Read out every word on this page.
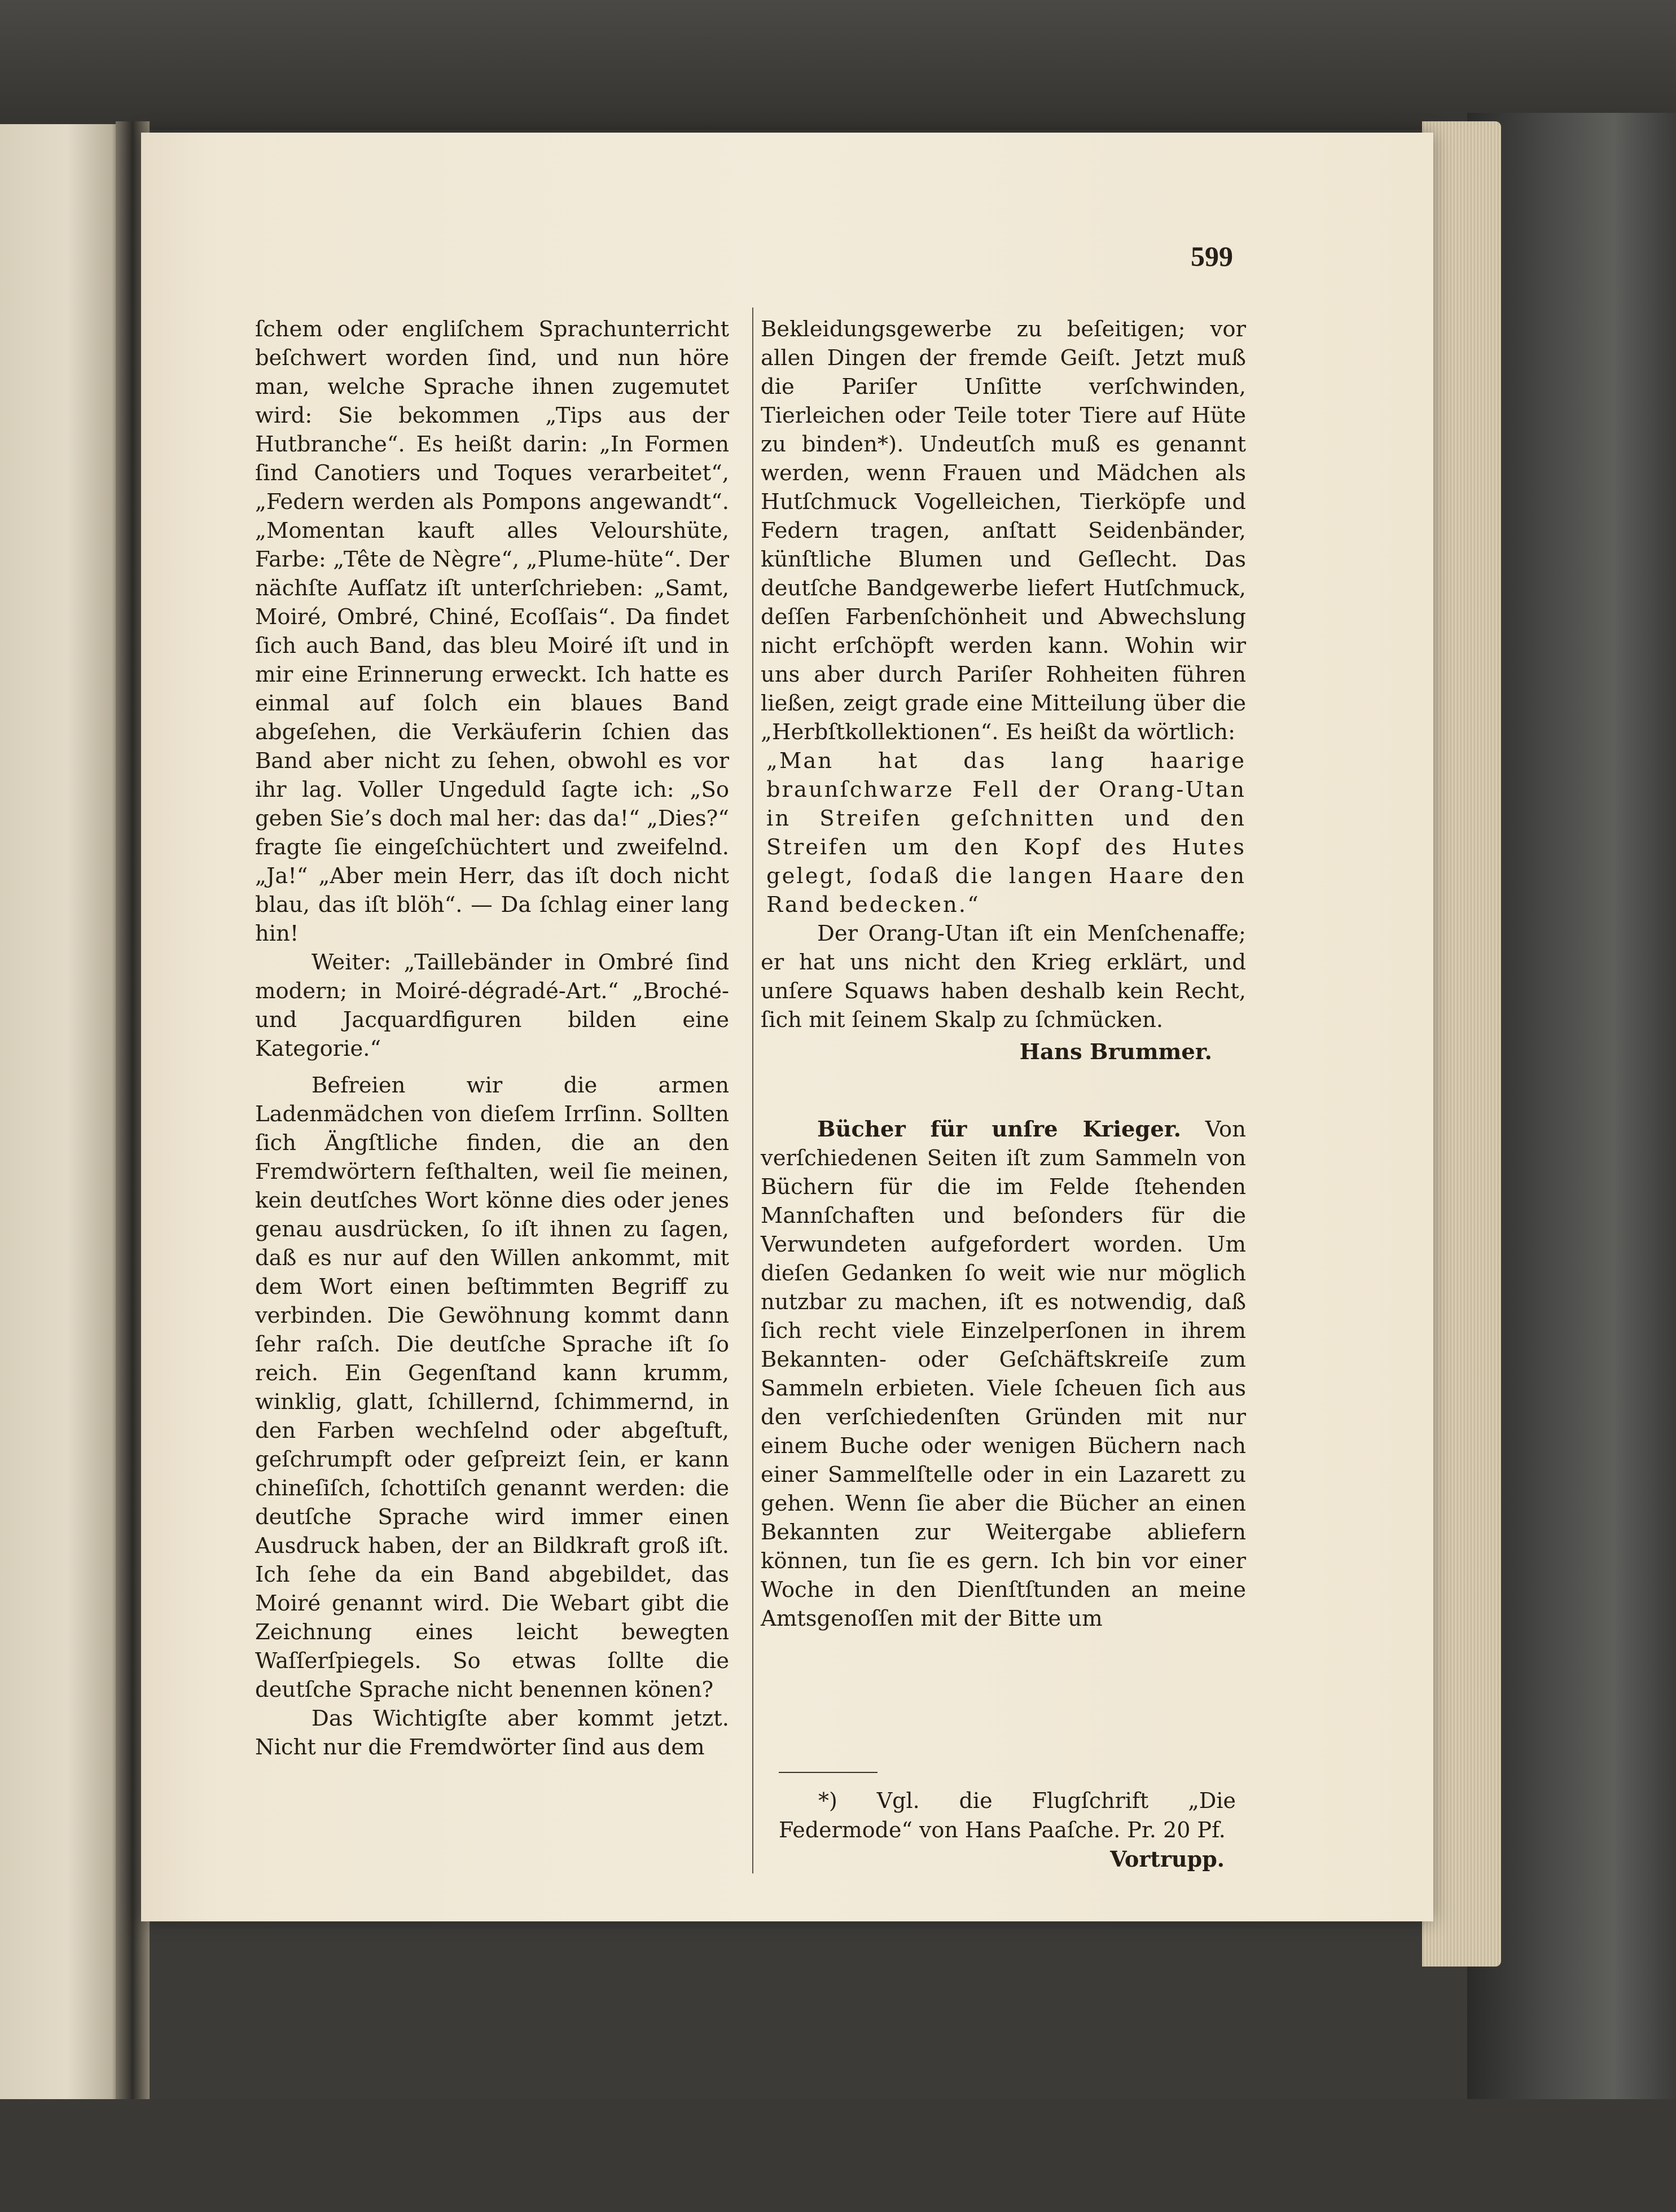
599

ſchem oder engliſchem Sprachunterricht beſchwert worden ſind, und nun höre man, welche Sprache ihnen zugemutet wird: Sie bekommen „Tips aus der Hutbranche“. Es heißt darin: „In Formen ſind Canotiers und Toques verarbeitet“, „Federn werden als Pompons angewandt“. „Momentan kauft alles Velourshüte, Farbe: „Tête de Nègre“, „Plume-hüte“. Der nächſte Aufſatz iſt unterſchrieben: „Samt, Moiré, Ombré, Chiné, Ecoſſais“. Da findet ſich auch Band, das bleu Moiré iſt und in mir eine Erinnerung erweckt. Ich hatte es einmal auf ſolch ein blaues Band abgeſehen, die Verkäuferin ſchien das Band aber nicht zu ſehen, obwohl es vor ihr lag. Voller Ungeduld ſagte ich: „So geben Sie’s doch mal her: das da!“ „Dies?“ fragte ſie eingeſchüchtert und zweifelnd. „Ja!“ „Aber mein Herr, das iſt doch nicht blau, das iſt blöh“. — Da ſchlag einer lang hin!

Weiter: „Taillebänder in Ombré ſind modern; in Moiré-dégradé-Art.“ „Broché- und Jacquardfiguren bilden eine Kategorie.“

Befreien wir die armen Ladenmädchen von dieſem Irrſinn. Sollten ſich Ängſtliche finden, die an den Fremdwörtern feſthalten, weil ſie meinen, kein deutſches Wort könne dies oder jenes genau ausdrücken, ſo iſt ihnen zu ſagen, daß es nur auf den Willen ankommt, mit dem Wort einen beſtimmten Begriff zu verbinden. Die Gewöhnung kommt dann ſehr raſch. Die deutſche Sprache iſt ſo reich. Ein Gegenſtand kann krumm, winklig, glatt, ſchillernd, ſchimmernd, in den Farben wechſelnd oder abgeſtuft, geſchrumpft oder geſpreizt ſein, er kann chineſiſch, ſchottiſch genannt werden: die deutſche Sprache wird immer einen Ausdruck haben, der an Bildkraft groß iſt. Ich ſehe da ein Band abgebildet, das Moiré genannt wird. Die Webart gibt die Zeichnung eines leicht bewegten Waſſerſpiegels. So etwas ſollte die deutſche Sprache nicht benennen könen?

Das Wichtigſte aber kommt jetzt. Nicht nur die Fremdwörter ſind aus dem

Bekleidungsgewerbe zu beſeitigen; vor allen Dingen der fremde Geiſt. Jetzt muß die Pariſer Unſitte verſchwinden, Tierleichen oder Teile toter Tiere auf Hüte zu binden*). Undeutſch muß es genannt werden, wenn Frauen und Mädchen als Hutſchmuck Vogelleichen, Tierköpfe und Federn tragen, anſtatt Seidenbänder, künſtliche Blumen und Geſlecht. Das deutſche Bandgewerbe liefert Hutſchmuck, deſſen Farbenſchönheit und Abwechslung nicht erſchöpft werden kann. Wohin wir uns aber durch Pariſer Rohheiten führen ließen, zeigt grade eine Mitteilung über die „Herbſtkollektionen“. Es heißt da wörtlich:

„Man hat das lang haarige braunſchwarze Fell der Orang-Utan in Streifen geſchnitten und den Streifen um den Kopf des Hutes gelegt, ſodaß die langen Haare den Rand bedecken.“

Der Orang-Utan iſt ein Menſchenaffe; er hat uns nicht den Krieg erklärt, und unſere Squaws haben deshalb kein Recht, ſich mit ſeinem Skalp zu ſchmücken.

Hans Brummer.

Bücher für unſre Krieger. Von verſchiedenen Seiten iſt zum Sammeln von Büchern für die im Felde ſtehenden Mannſchaften und beſonders für die Verwundeten aufgefordert worden. Um dieſen Gedanken ſo weit wie nur möglich nutzbar zu machen, iſt es notwendig, daß ſich recht viele Einzelperſonen in ihrem Bekannten- oder Geſchäftskreiſe zum Sammeln erbieten. Viele ſcheuen ſich aus den verſchiedenſten Gründen mit nur einem Buche oder wenigen Büchern nach einer Sammelſtelle oder in ein Lazarett zu gehen. Wenn ſie aber die Bücher an einen Bekannten zur Weitergabe abliefern können, tun ſie es gern. Ich bin vor einer Woche in den Dienſtſtunden an meine Amtsgenoſſen mit der Bitte um

*) Vgl. die Flugſchrift „Die Federmode“ von Hans Paaſche. Pr. 20 Pf.

Vortrupp.
